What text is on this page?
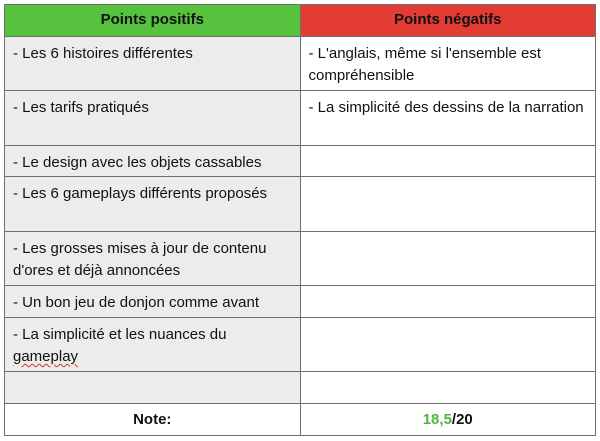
Points positifs	Points négatifs
- Les 6 histoires différentes	- L'anglais, même si l'ensemble est compréhensible
- Les tarifs pratiqués	- La simplicité des dessins de la narration
- Le design avec les objets cassables	
- Les 6 gameplays différents proposés	
- Les grosses mises à jour de contenu d'ores et déjà annoncées	
- Un bon jeu de donjon comme avant	
- La simplicité et les nuances du gameplay	

Note:	18,5/20
